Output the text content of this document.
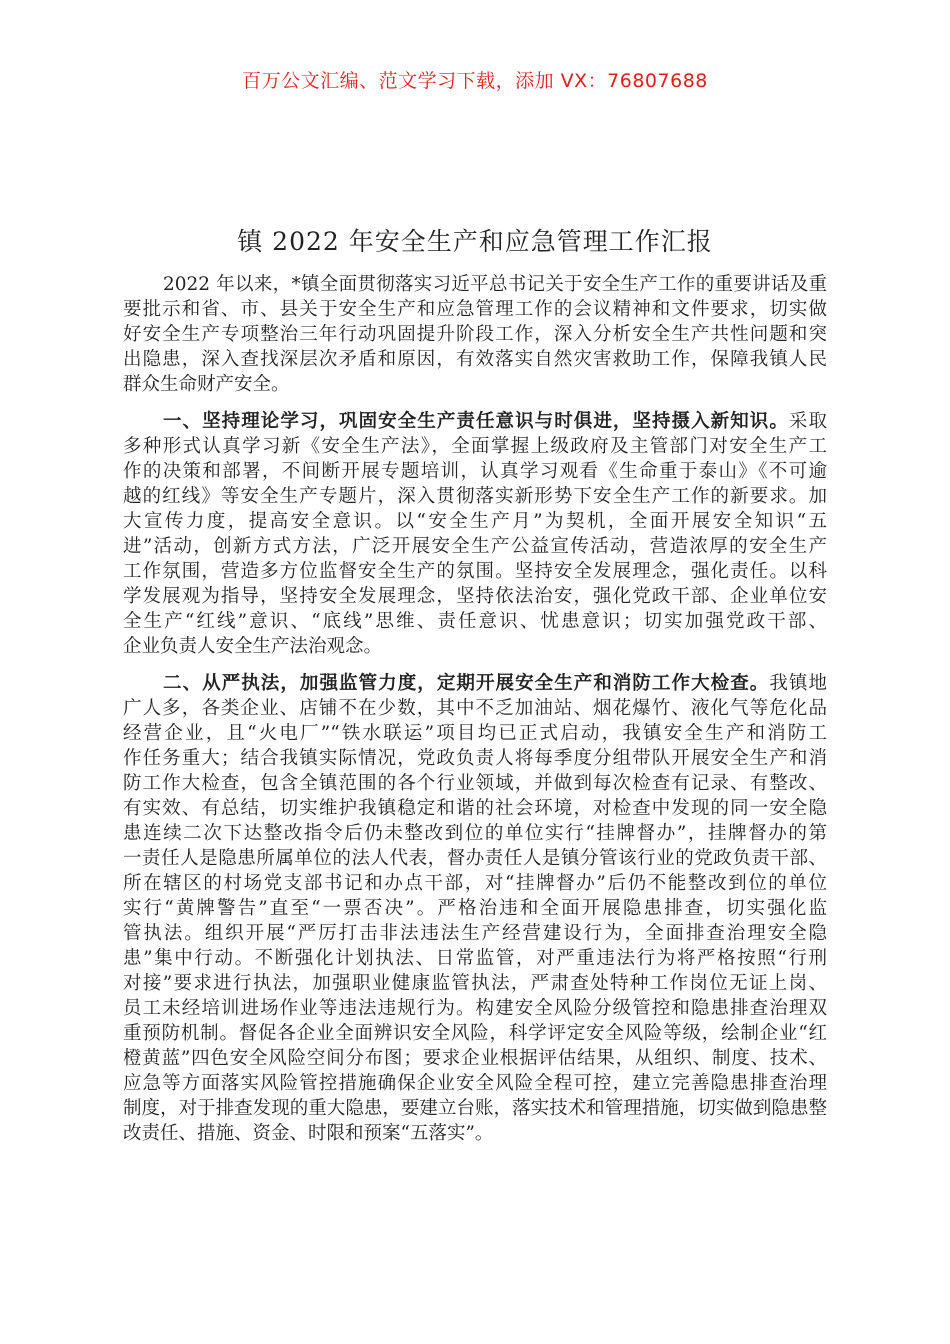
百万公文汇编、范文学习下载，添加 VX：76807688
镇 2022 年安全生产和应急管理工作汇报
2022 年以来，*镇全面贯彻落实习近平总书记关于安全生产工作的重要讲话及重
要批示和省、市、县关于安全生产和应急管理工作的会议精神和文件要求，切实做
好安全生产专项整治三年行动巩固提升阶段工作，深入分析安全生产共性问题和突
出隐患，深入查找深层次矛盾和原因，有效落实自然灾害救助工作，保障我镇人民
群众生命财产安全。
一、坚持理论学习，巩固安全生产责任意识与时俱进，坚持摄入新知识。采取
多种形式认真学习新《安全生产法》，全面掌握上级政府及主管部门对安全生产工
作的决策和部署，不间断开展专题培训，认真学习观看《生命重于泰山》《不可逾
越的红线》等安全生产专题片，深入贯彻落实新形势下安全生产工作的新要求。加
大宣传力度，提高安全意识。以“安全生产月”为契机，全面开展安全知识“五
进”活动，创新方式方法，广泛开展安全生产公益宣传活动，营造浓厚的安全生产
工作氛围，营造多方位监督安全生产的氛围。坚持安全发展理念，强化责任。以科
学发展观为指导，坚持安全发展理念，坚持依法治安，强化党政干部、企业单位安
全生产“红线”意识、“底线”思维、责任意识、忧患意识；切实加强党政干部、
企业负责人安全生产法治观念。
二、从严执法，加强监管力度，定期开展安全生产和消防工作大检查。我镇地
广人多，各类企业、店铺不在少数，其中不乏加油站、烟花爆竹、液化气等危化品
经营企业，且“火电厂”“铁水联运”项目均已正式启动，我镇安全生产和消防工
作任务重大；结合我镇实际情况，党政负责人将每季度分组带队开展安全生产和消
防工作大检查，包含全镇范围的各个行业领域，并做到每次检查有记录、有整改、
有实效、有总结，切实维护我镇稳定和谐的社会环境，对检查中发现的同一安全隐
患连续二次下达整改指令后仍未整改到位的单位实行“挂牌督办”，挂牌督办的第
一责任人是隐患所属单位的法人代表，督办责任人是镇分管该行业的党政负责干部、
所在辖区的村场党支部书记和办点干部，对“挂牌督办”后仍不能整改到位的单位
实行“黄牌警告”直至“一票否决”。严格治违和全面开展隐患排查，切实强化监
管执法。组织开展“严厉打击非法违法生产经营建设行为，全面排查治理安全隐
患”集中行动。不断强化计划执法、日常监管，对严重违法行为将严格按照“行刑
对接”要求进行执法，加强职业健康监管执法，严肃查处特种工作岗位无证上岗、
员工未经培训进场作业等违法违规行为。构建安全风险分级管控和隐患排查治理双
重预防机制。督促各企业全面辨识安全风险，科学评定安全风险等级，绘制企业“红
橙黄蓝”四色安全风险空间分布图；要求企业根据评估结果，从组织、制度、技术、
应急等方面落实风险管控措施确保企业安全风险全程可控，建立完善隐患排查治理
制度，对于排查发现的重大隐患，要建立台账，落实技术和管理措施，切实做到隐患整
改责任、措施、资金、时限和预案“五落实”。
